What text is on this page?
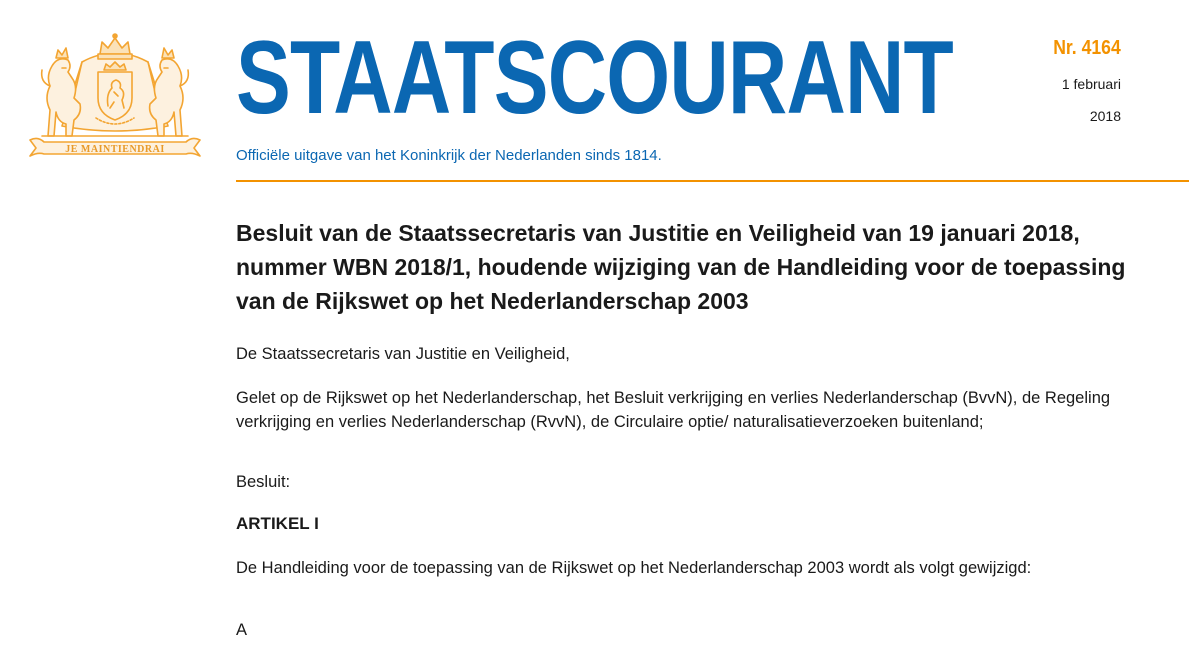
JE MAINTIENDRAI
STAATSCOURANT
Officiële uitgave van het Koninkrijk der Nederlanden sinds 1814.
Nr. 4164
1 februari
2018
Besluit van de Staatssecretaris van Justitie en Veiligheid van 19 januari 2018, nummer WBN 2018/1, houdende wijziging van de Handleiding voor de toepassing van de Rijkswet op het Nederlanderschap 2003

De Staatssecretaris van Justitie en Veiligheid,

Gelet op de Rijkswet op het Nederlanderschap, het Besluit verkrijging en verlies Nederlanderschap (BvvN), de Regeling verkrijging en verlies Nederlanderschap (RvvN), de Circulaire optie/ naturalisatieverzoeken buitenland;

Besluit:

ARTIKEL I

De Handleiding voor de toepassing van de Rijkswet op het Nederlanderschap 2003 wordt als volgt gewijzigd:

A
